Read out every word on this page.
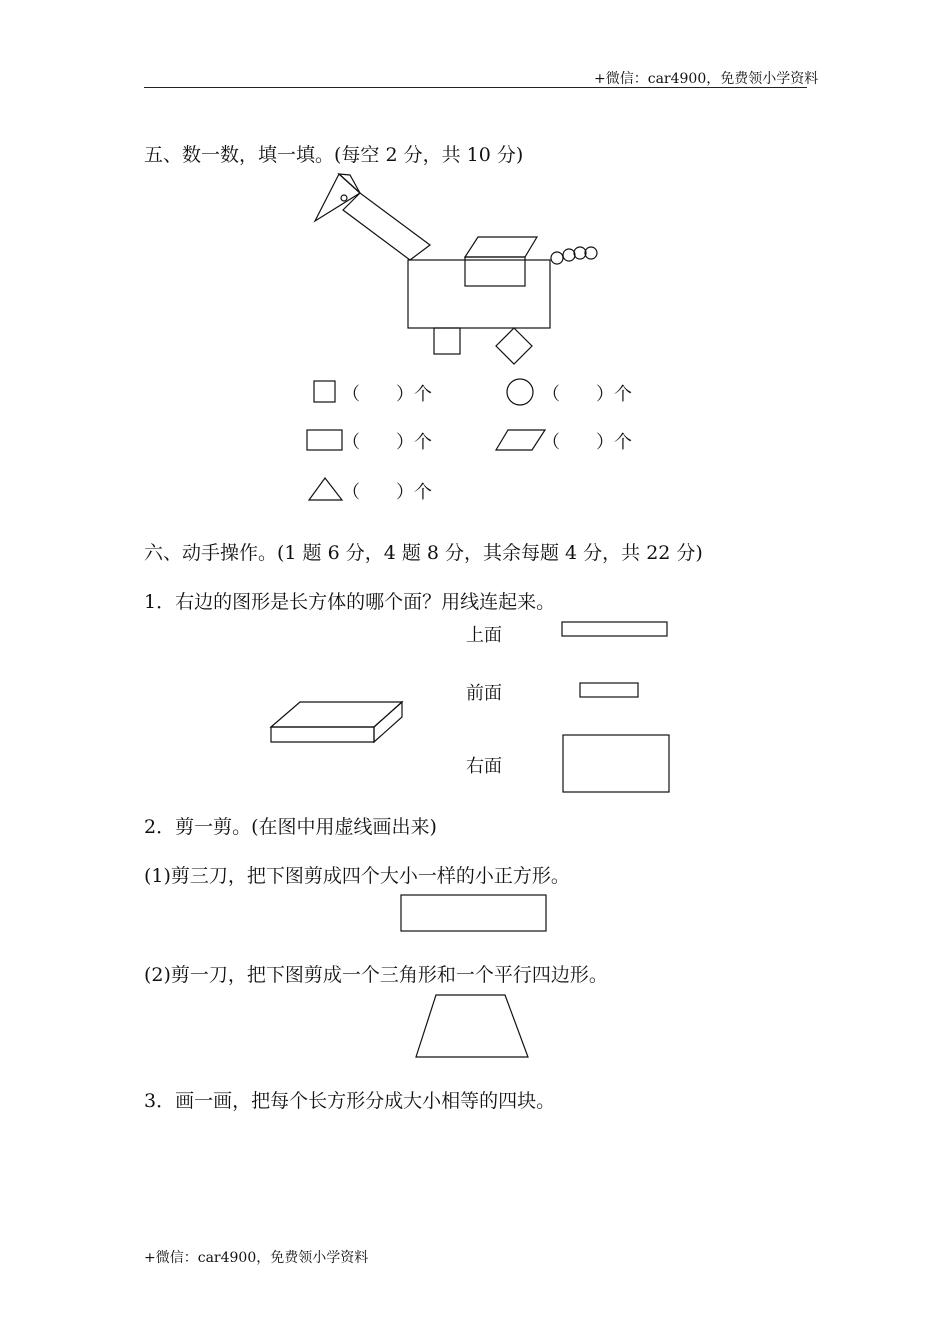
+微信：car4900，免费领小学资料
五、数一数，填一填。(每空 2 分，共 10 分)
（　　）个	（　　）个
（　　）个	（　　）个
（　　）个
六、动手操作。(1 题 6 分，4 题 8 分，其余每题 4 分，共 22 分)
1．右边的图形是长方体的哪个面？用线连起来。
上面
前面
右面
2．剪一剪。(在图中用虚线画出来)
(1)剪三刀，把下图剪成四个大小一样的小正方形。
(2)剪一刀，把下图剪成一个三角形和一个平行四边形。
3．画一画，把每个长方形分成大小相等的四块。
+微信：car4900，免费领小学资料
